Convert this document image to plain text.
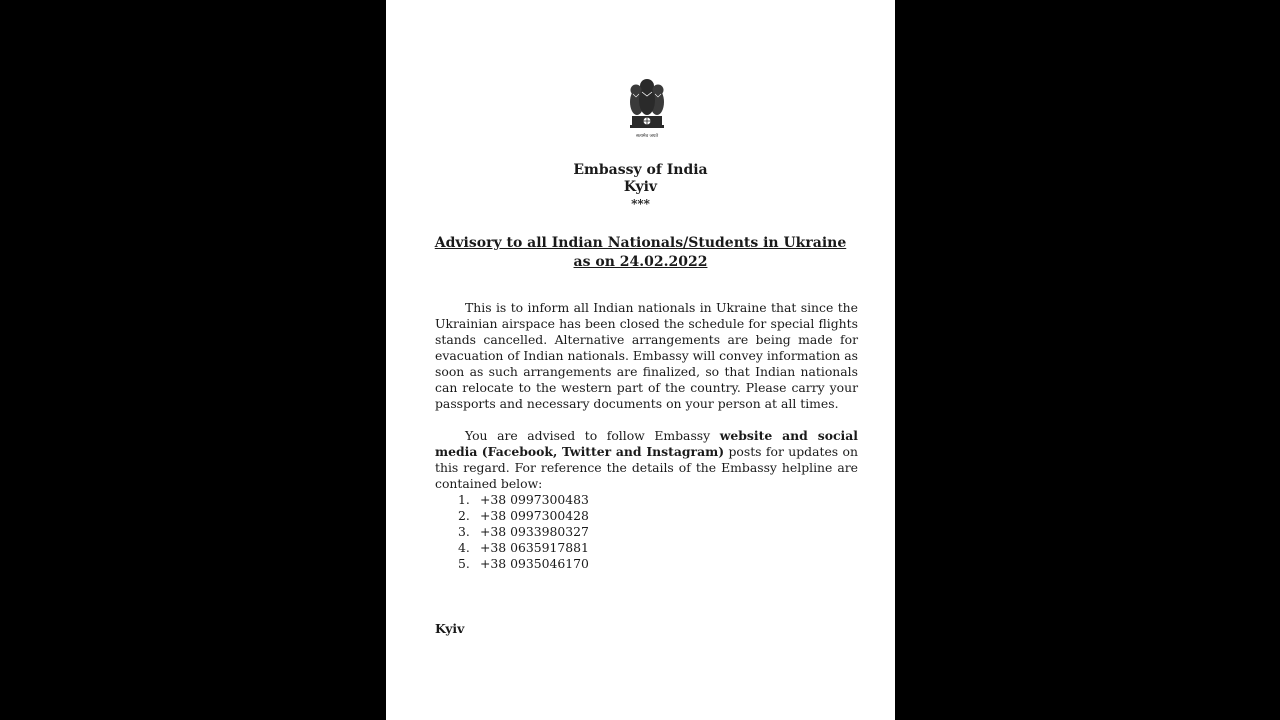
सत्यमेव जयते
Embassy of India
Kyiv
***
Advisory to all Indian Nationals/Students in Ukraine
as on 24.02.2022

This is to inform all Indian nationals in Ukraine that since the Ukrainian airspace has been closed the schedule for special flights stands cancelled. Alternative arrangements are being made for evacuation of Indian nationals. Embassy will convey information as soon as such arrangements are finalized, so that Indian nationals can relocate to the western part of the country. Please carry your passports and necessary documents on your person at all times.

You are advised to follow Embassy website and social media (Facebook, Twitter and Instagram) posts for updates on this regard. For reference the details of the Embassy helpline are contained below:

1. +38 0997300483
2. +38 0997300428
3. +38 0933980327
4. +38 0635917881
5. +38 0935046170
Kyiv
